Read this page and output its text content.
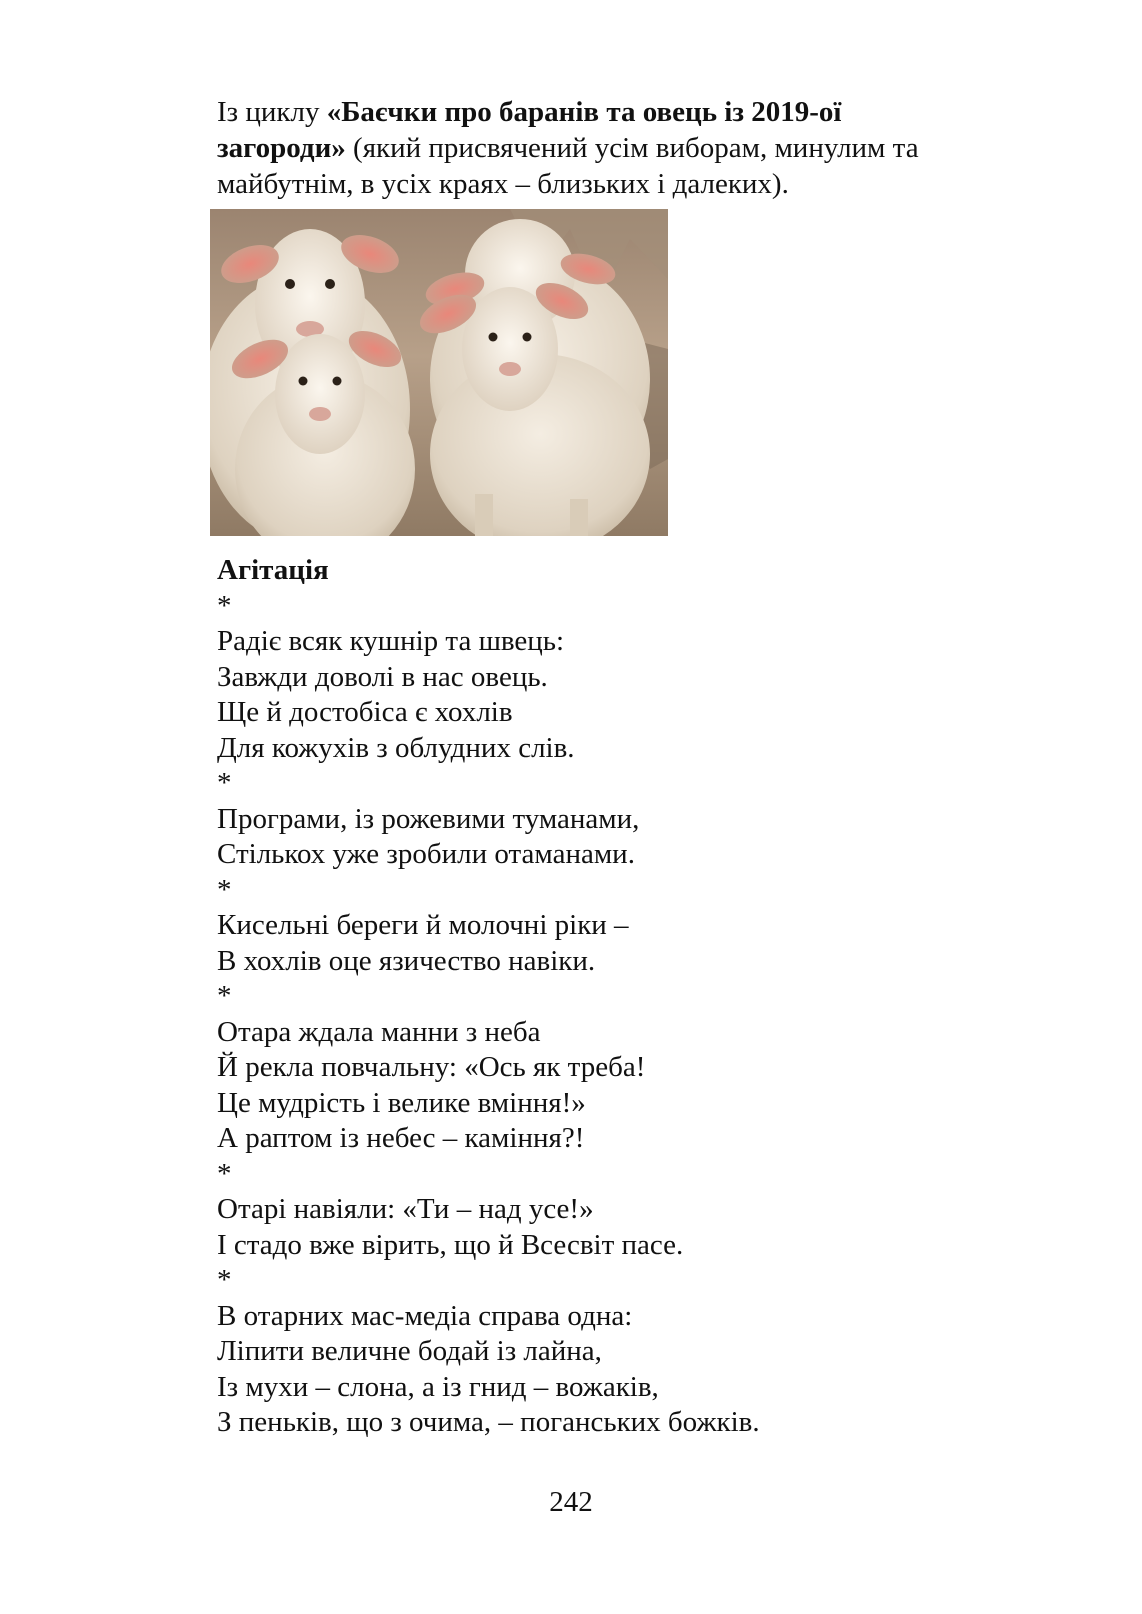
Із циклу «Баєчки про баранів та овець із 2019-ої загороди» (який присвячений усім виборам, минулим та майбутнім, в усіх краях – близьких і далеких).

Агітація
*
Радіє всяк кушнір та швець:
Завжди доволі в нас овець.
Ще й достобіса є хохлів
Для кожухів з облудних слів.
*
Програми, із рожевими туманами,
Стількох уже зробили отаманами.
*
Кисельні береги й молочні ріки –
В хохлів оце язичество навіки.
*
Отара ждала манни з неба
Й рекла повчальну: «Ось як треба!
Це мудрість і велике вміння!»
А раптом із небес – каміння?!
*
Отарі навіяли: «Ти – над усе!»
І стадо вже вірить, що й Всесвіт пасе.
*
В отарних мас-медіа справа одна:
Ліпити величне бодай із лайна,
Із мухи – слона, а із гнид – вожаків,
З пеньків, що з очима, – поганських божків.
242
